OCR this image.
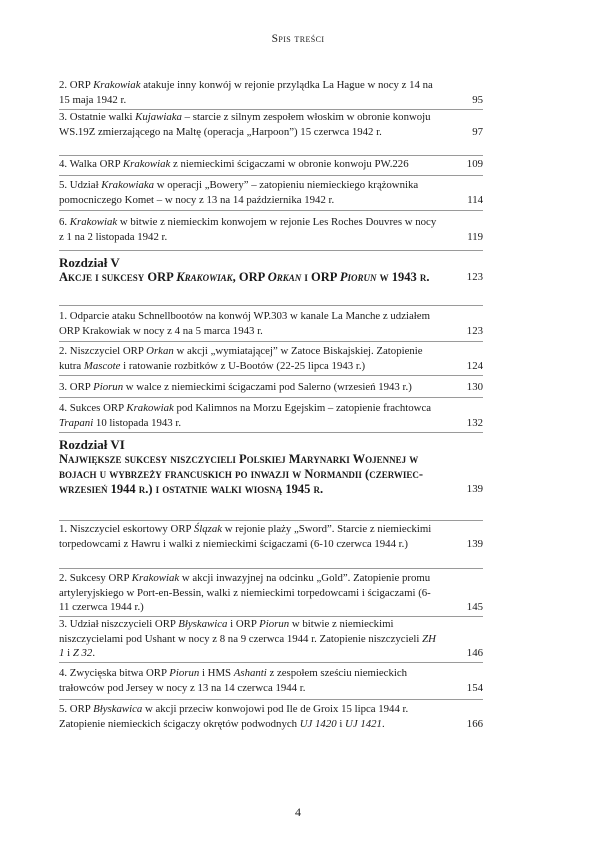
Spis treści
2. ORP Krakowiak atakuje inny konwój w rejonie przylądka La Hague w nocy z 14 na 15 maja 1942 r.	95
3. Ostatnie walki Kujawiaka – starcie z silnym zespołem włoskim w obronie konwoju WS.19Z zmierzającego na Maltę (operacja „Harpoon”) 15 czerwca 1942 r.	97
4. Walka ORP Krakowiak z niemieckimi ścigaczami w obronie konwoju PW.226	109
5. Udział Krakowiaka w operacji „Bowery” – zatopieniu niemieckiego krążownika pomocniczego Komet – w nocy z 13 na 14 października 1942 r.	114
6. Krakowiak w bitwie z niemieckim konwojem w rejonie Les Roches Douvres w nocy z 1 na 2 listopada 1942 r.	119
Rozdział V
Akcje i sukcesy ORP Krakowiak, ORP Orkan i ORP Piorun w 1943 r.	123
1. Odparcie ataku Schnellbootów na konwój WP.303 w kanale La Manche z udziałem ORP Krakowiak w nocy z 4 na 5 marca 1943 r.	123
2. Niszczyciel ORP Orkan w akcji „wymiatającej” w Zatoce Biskajskiej. Zatopienie kutra Mascote i ratowanie rozbitków z U-Bootów (22-25 lipca 1943 r.)	124
3. ORP Piorun w walce z niemieckimi ścigaczami pod Salerno (wrzesień 1943 r.)	130
4. Sukces ORP Krakowiak pod Kalimnos na Morzu Egejskim – zatopienie frachtowca Trapani 10 listopada 1943 r.	132
Rozdział VI
Największe sukcesy niszczycieli Polskiej Marynarki Wojennej w bojach u wybrzeży francuskich po inwazji w Normandii (czerwiec-wrzesień 1944 r.) i ostatnie walki wiosną 1945 r.	139
1. Niszczyciel eskortowy ORP Ślązak w rejonie plaży „Sword”. Starcie z niemieckimi torpedowcami z Hawru i walki z niemieckimi ścigaczami (6-10 czerwca 1944 r.)	139
2. Sukcesy ORP Krakowiak w akcji inwazyjnej na odcinku „Gold”. Zatopienie promu artyleryjskiego w Port-en-Bessin, walki z niemieckimi torpedowcami i ścigaczami (6-11 czerwca 1944 r.)	145
3. Udział niszczycieli ORP Błyskawica i ORP Piorun w bitwie z niemieckimi niszczycielami pod Ushant w nocy z 8 na 9 czerwca 1944 r. Zatopienie niszczycieli ZH 1 i Z 32.	146
4. Zwycięska bitwa ORP Piorun i HMS Ashanti z zespołem sześciu niemieckich trałowców pod Jersey w nocy z 13 na 14 czerwca 1944 r.	154
5. ORP Błyskawica w akcji przeciw konwojowi pod Ile de Groix 15 lipca 1944 r. Zatopienie niemieckich ścigaczy okrętów podwodnych UJ 1420 i UJ 1421.	166
4
